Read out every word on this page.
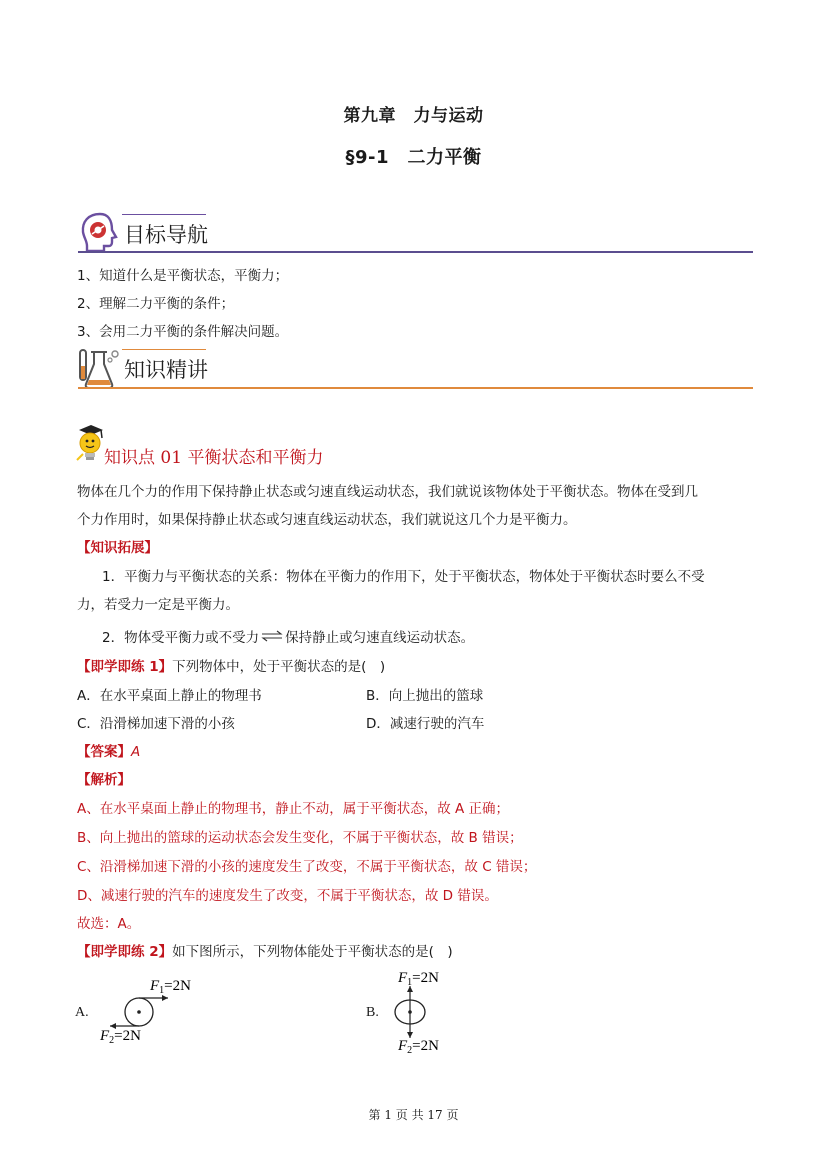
第九章　力与运动
§9-1　二力平衡
目标导航
1、知道什么是平衡状态，平衡力；
2、理解二力平衡的条件；
3、会用二力平衡的条件解决问题。
知识精讲
知识点 01 平衡状态和平衡力
物体在几个力的作用下保持静止状态或匀速直线运动状态，我们就说该物体处于平衡状态。物体在受到几
个力作用时，如果保持静止状态或匀速直线运动状态，我们就说这几个力是平衡力。
【知识拓展】
1．平衡力与平衡状态的关系：物体在平衡力的作用下，处于平衡状态，物体处于平衡状态时要么不受
力，若受力一定是平衡力。
2．物体受平衡力或不受力 ⇌ 保持静止或匀速直线运动状态。
【即学即练 1】下列物体中，处于平衡状态的是(　)
A．在水平桌面上静止的物理书	B．向上抛出的篮球
C．沿滑梯加速下滑的小孩	D．减速行驶的汽车
【答案】A
【解析】
A、在水平桌面上静止的物理书，静止不动，属于平衡状态，故 A 正确；
B、向上抛出的篮球的运动状态会发生变化，不属于平衡状态，故 B 错误；
C、沿滑梯加速下滑的小孩的速度发生了改变，不属于平衡状态，故 C 错误；
D、减速行驶的汽车的速度发生了改变，不属于平衡状态，故 D 错误。
故选：A。
【即学即练 2】如下图所示，下列物体能处于平衡状态的是(　)
A.
$F_1=2N$
$F_2=2N$
B.
$F_1=2N$
$F_2=2N$
第 1 页 共 17 页
